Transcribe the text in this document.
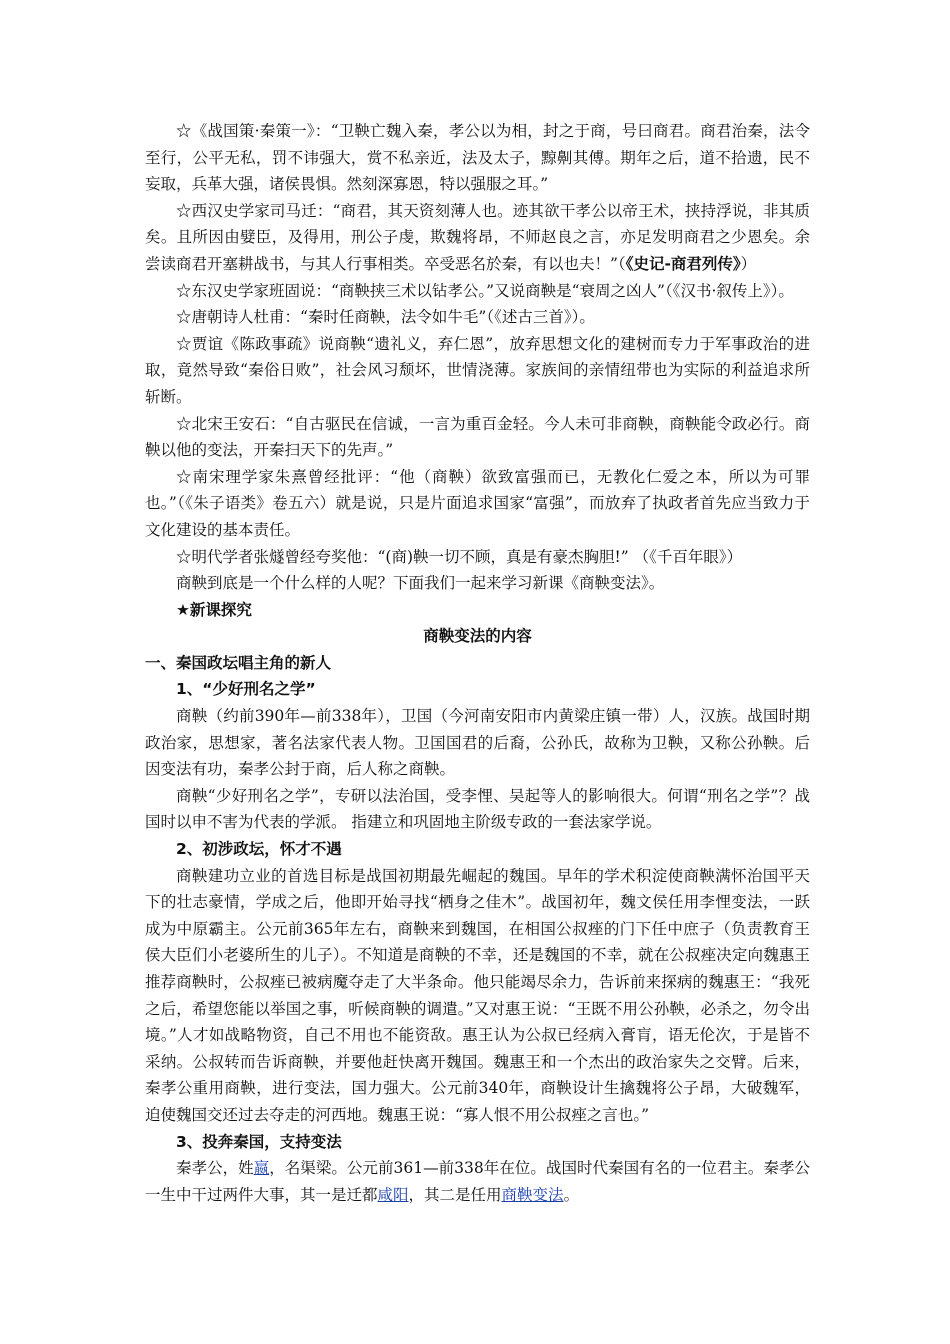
☆《战国策·秦策一》：“卫鞅亡魏入秦，孝公以为相，封之于商，号曰商君。商君治秦，法令至行，公平无私，罚不讳强大，赏不私亲近，法及太子，黥劓其傅。期年之后，道不拾遗，民不妄取，兵革大强，诸侯畏惧。然刻深寡恩，特以强服之耳。”

☆西汉史学家司马迁：“商君，其天资刻薄人也。迹其欲干孝公以帝王术，挟持浮说，非其质矣。且所因由嬖臣，及得用，刑公子虔，欺魏将昂，不师赵良之言，亦足发明商君之少恩矣。余尝读商君开塞耕战书，与其人行事相类。卒受恶名於秦，有以也夫！”（《史记-商君列传》）

☆东汉史学家班固说：“商鞅挟三术以钻孝公。”又说商鞅是“衰周之凶人”（《汉书·叙传上》）。

☆唐朝诗人杜甫：“秦时任商鞅，法令如牛毛”（《述古三首》）。

☆贾谊《陈政事疏》说商鞅“遗礼义，弃仁恩”，放弃思想文化的建树而专力于军事政治的进取，竟然导致“秦俗日败”，社会风习颓坏，世情浇薄。家族间的亲情纽带也为实际的利益追求所斩断。

☆北宋王安石：“自古驱民在信诚，一言为重百金轻。今人未可非商鞅，商鞅能令政必行。商鞅以他的变法，开秦扫天下的先声。”

☆南宋理学家朱熹曾经批评：“他（商鞅）欲致富强而已，无教化仁爱之本，所以为可罪也。”（《朱子语类》卷五六）就是说，只是片面追求国家“富强”，而放弃了执政者首先应当致力于文化建设的基本责任。

☆明代学者张燧曾经夸奖他：“(商)鞅一切不顾，真是有豪杰胸胆!” （《千百年眼》）

商鞅到底是一个什么样的人呢？下面我们一起来学习新课《商鞅变法》。

★新课探究

商鞅变法的内容

一、秦国政坛唱主角的新人

1、“少好刑名之学”

商鞅（约前390年—前338年），卫国（今河南安阳市内黄梁庄镇一带）人，汉族。战国时期政治家，思想家，著名法家代表人物。卫国国君的后裔，公孙氏，故称为卫鞅，又称公孙鞅。后因变法有功，秦孝公封于商，后人称之商鞅。

商鞅“少好刑名之学”，专研以法治国，受李悝、吴起等人的影响很大。何谓“刑名之学”？战国时以申不害为代表的学派。 指建立和巩固地主阶级专政的一套法家学说。

2、初涉政坛，怀才不遇

商鞅建功立业的首选目标是战国初期最先崛起的魏国。早年的学术积淀使商鞅满怀治国平天下的壮志豪情，学成之后，他即开始寻找“栖身之佳木”。战国初年，魏文侯任用李悝变法，一跃成为中原霸主。公元前365年左右，商鞅来到魏国，在相国公叔痤的门下任中庶子（负责教育王侯大臣们小老婆所生的儿子）。不知道是商鞅的不幸，还是魏国的不幸，就在公叔痤决定向魏惠王推荐商鞅时，公叔痤已被病魔夺走了大半条命。他只能竭尽余力，告诉前来探病的魏惠王：“我死之后，希望您能以举国之事，听候商鞅的调遣。”又对惠王说：“王既不用公孙鞅，必杀之，勿令出境。”人才如战略物资，自己不用也不能资敌。惠王认为公叔已经病入膏肓，语无伦次，于是皆不采纳。公叔转而告诉商鞅，并要他赶快离开魏国。魏惠王和一个杰出的政治家失之交臂。后来，秦孝公重用商鞅，进行变法，国力强大。公元前340年，商鞅设计生擒魏将公子昂，大破魏军，迫使魏国交还过去夺走的河西地。魏惠王说：“寡人恨不用公叔痤之言也。”

3、投奔秦国，支持变法

秦孝公，姓嬴，名渠梁。公元前361—前338年在位。战国时代秦国有名的一位君主。秦孝公一生中干过两件大事，其一是迁都咸阳，其二是任用商鞅变法。
